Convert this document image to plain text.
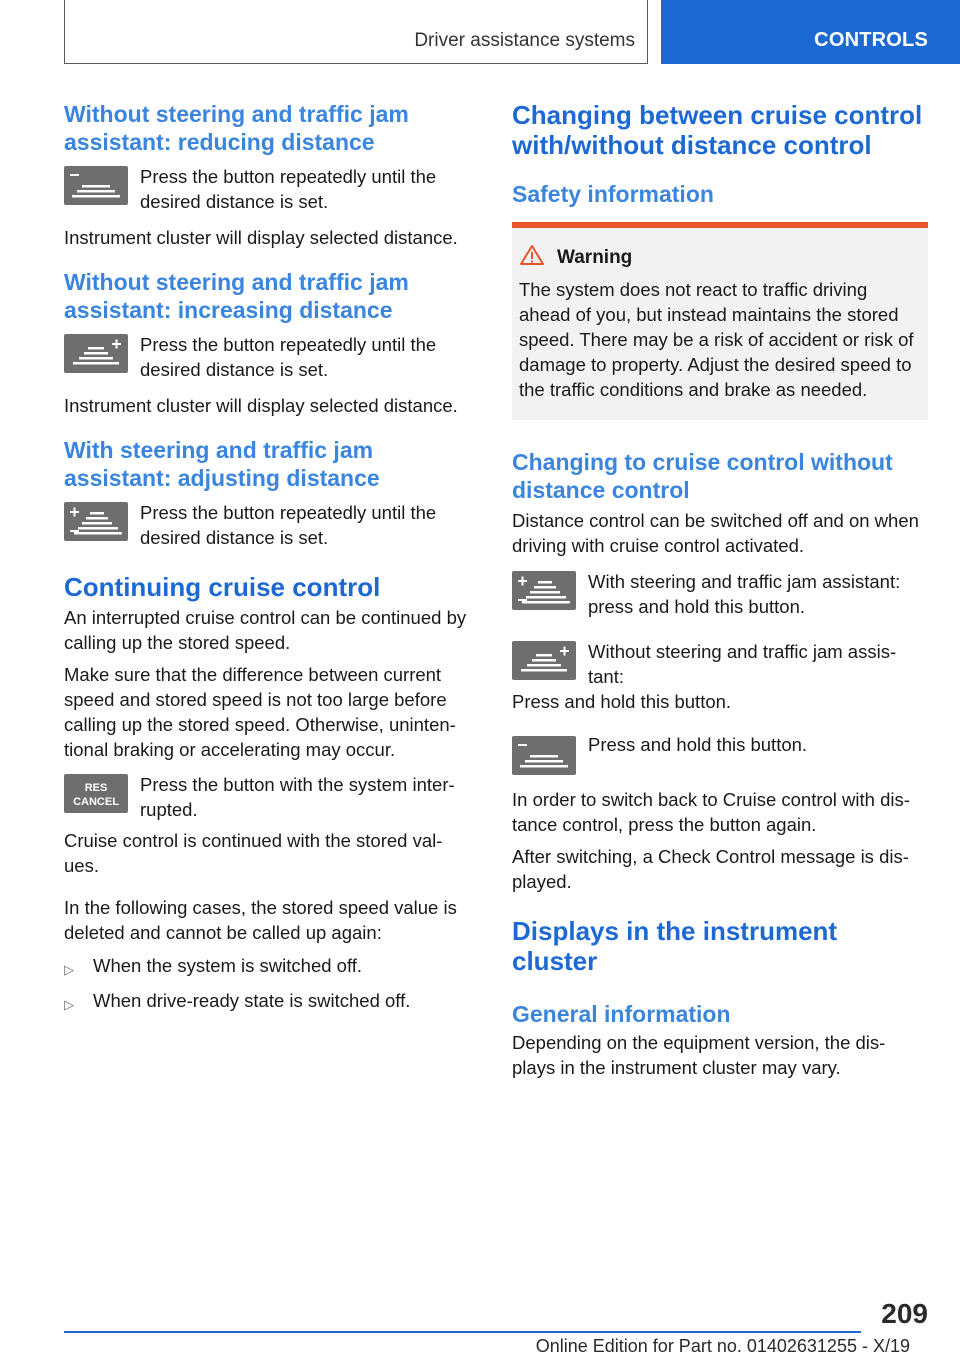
Driver assistance systems	CONTROLS
Without steering and traffic jam assistant: reducing distance
Press the button repeatedly until the desired distance is set.
Instrument cluster will display selected distance.
Without steering and traffic jam assistant: increasing distance
Press the button repeatedly until the desired distance is set.
Instrument cluster will display selected distance.
With steering and traffic jam assistant: adjusting distance
Press the button repeatedly until the desired distance is set.
Continuing cruise control
An interrupted cruise control can be continued by calling up the stored speed.
Make sure that the difference between current speed and stored speed is not too large before calling up the stored speed. Otherwise, uninten-tional braking or accelerating may occur.
RES
CANCEL
Press the button with the system inter-rupted.
Cruise control is continued with the stored val-ues.
In the following cases, the stored speed value is deleted and cannot be called up again:
▷	When the system is switched off.
▷	When drive-ready state is switched off.
Changing between cruise control with/without distance control
Safety information
Warning
The system does not react to traffic driving ahead of you, but instead maintains the stored speed. There may be a risk of accident or risk of damage to property. Adjust the desired speed to the traffic conditions and brake as needed.
Changing to cruise control without distance control
Distance control can be switched off and on when driving with cruise control activated.
With steering and traffic jam assistant: press and hold this button.
Without steering and traffic jam assis-tant:
Press and hold this button.
Press and hold this button.
In order to switch back to Cruise control with dis-tance control, press the button again.
After switching, a Check Control message is dis-played.
Displays in the instrument cluster
General information
Depending on the equipment version, the dis-plays in the instrument cluster may vary.
209
Online Edition for Part no. 01402631255 - X/19
